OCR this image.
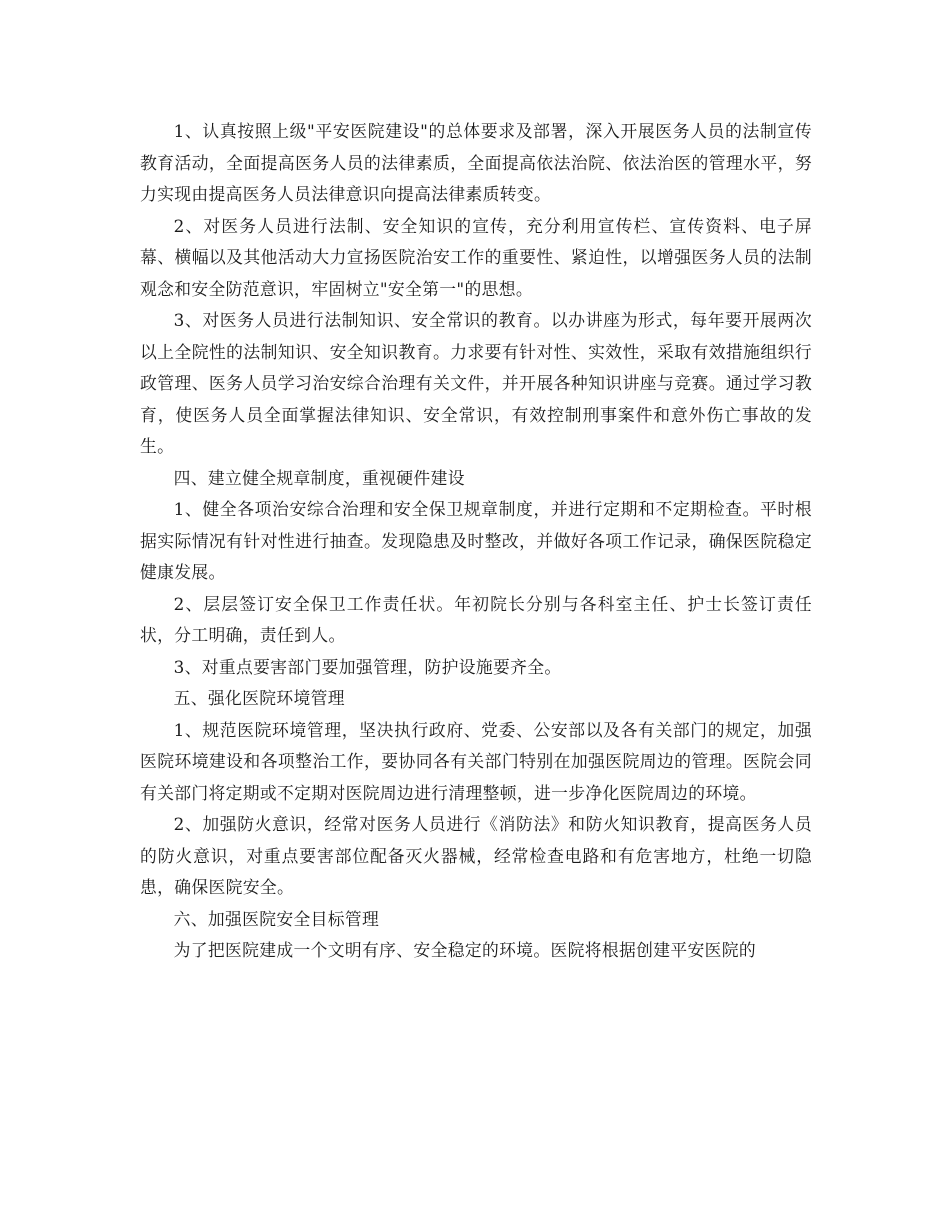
1、认真按照上级"平安医院建设"的总体要求及部署，深入开展医务人员的法制宣传教育活动，全面提高医务人员的法律素质，全面提高依法治院、依法治医的管理水平，努力实现由提高医务人员法律意识向提高法律素质转变。

2、对医务人员进行法制、安全知识的宣传，充分利用宣传栏、宣传资料、电子屏幕、横幅以及其他活动大力宣扬医院治安工作的重要性、紧迫性，以增强医务人员的法制观念和安全防范意识，牢固树立"安全第一"的思想。

3、对医务人员进行法制知识、安全常识的教育。以办讲座为形式，每年要开展两次以上全院性的法制知识、安全知识教育。力求要有针对性、实效性，采取有效措施组织行政管理、医务人员学习治安综合治理有关文件，并开展各种知识讲座与竞赛。通过学习教育，使医务人员全面掌握法律知识、安全常识，有效控制刑事案件和意外伤亡事故的发生。

四、建立健全规章制度，重视硬件建设

1、健全各项治安综合治理和安全保卫规章制度，并进行定期和不定期检查。平时根据实际情况有针对性进行抽查。发现隐患及时整改，并做好各项工作记录，确保医院稳定健康发展。

2、层层签订安全保卫工作责任状。年初院长分别与各科室主任、护士长签订责任状，分工明确，责任到人。

3、对重点要害部门要加强管理，防护设施要齐全。

五、强化医院环境管理

1、规范医院环境管理，坚决执行政府、党委、公安部以及各有关部门的规定，加强医院环境建设和各项整治工作，要协同各有关部门特别在加强医院周边的管理。医院会同有关部门将定期或不定期对医院周边进行清理整顿，进一步净化医院周边的环境。

2、加强防火意识，经常对医务人员进行《消防法》和防火知识教育，提高医务人员的防火意识，对重点要害部位配备灭火器械，经常检查电路和有危害地方，杜绝一切隐患，确保医院安全。

六、加强医院安全目标管理

为了把医院建成一个文明有序、安全稳定的环境。医院将根据创建平安医院的
